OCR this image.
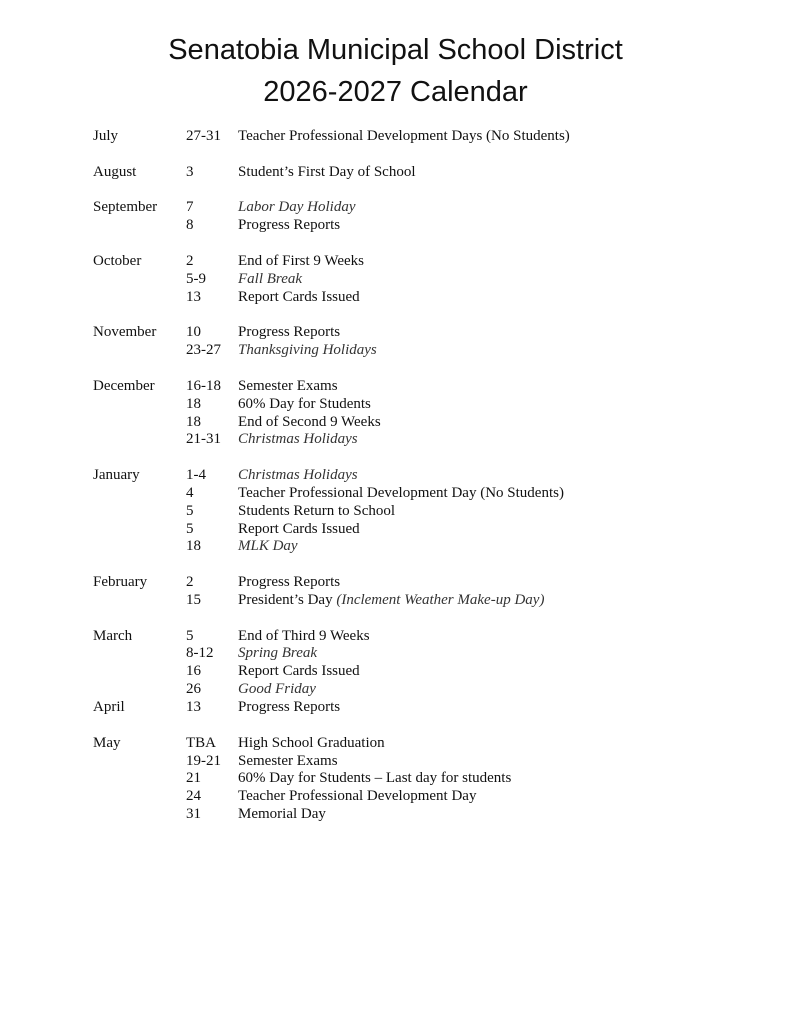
Senatobia Municipal School District
2026-2027 Calendar
July	27-31 Teacher Professional Development Days (No Students)
August	3	Student’s First Day of School
September 7	Labor Day Holiday
8	Progress Reports
October	2	End of First 9 Weeks
5-9 Fall Break
13 Report Cards Issued
November 10 Progress Reports
23-27 Thanksgiving Holidays
December 16-18 Semester Exams
18 60% Day for Students
18 End of Second 9 Weeks
21-31 Christmas Holidays
January	1-4 Christmas Holidays
4	Teacher Professional Development Day (No Students)
5	Students Return to School
5	Report Cards Issued
18 MLK Day
February	2	Progress Reports
15 President’s Day (Inclement Weather Make-up Day)
March	5	End of Third 9 Weeks
8-12 Spring Break
16 Report Cards Issued
26 Good Friday
April	13 Progress Reports
May	TBA High School Graduation
19-21 Semester Exams
21 60% Day for Students – Last day for students
24 Teacher Professional Development Day
31 Memorial Day
